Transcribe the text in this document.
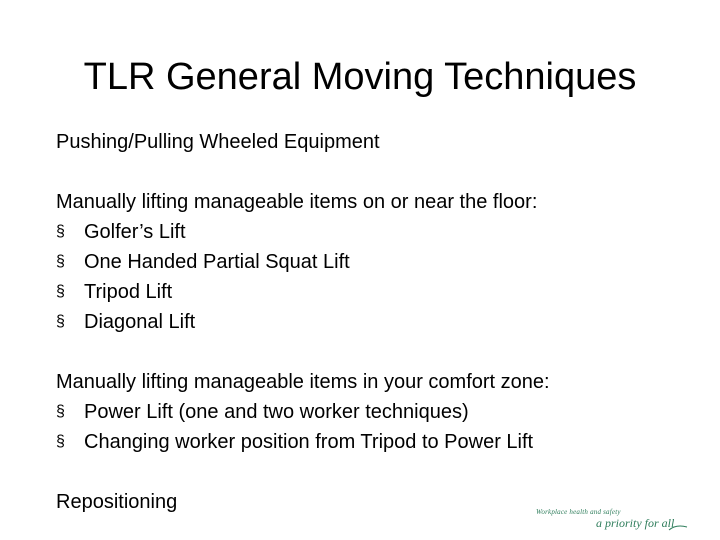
TLR General Moving Techniques

Pushing/Pulling Wheeled Equipment

Manually lifting manageable items on or near the floor:

§ Golfer’s Lift
§ One Handed Partial Squat Lift
§ Tripod Lift
§ Diagonal Lift

Manually lifting manageable items in your comfort zone:

§ Power Lift (one and two worker techniques)
§ Changing worker position from Tripod to Power Lift

Repositioning	Workplace health and safety
a priority for all
